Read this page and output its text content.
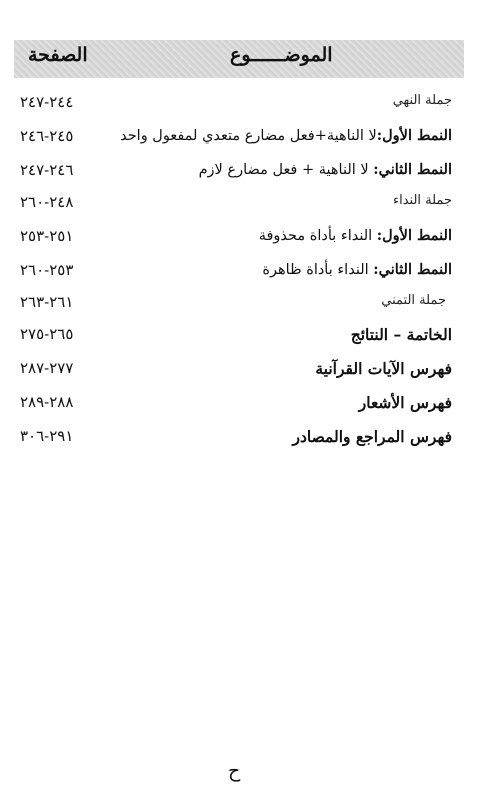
الصفحة	الموضــــــوع
٢٤٤-٢٤٧	جملة النهي
٢٤٥-٢٤٦	النمط الأول:لا الناهية+فعل مضارع متعدي لمفعول واحد
٢٤٦-٢٤٧	النمط الثاني: لا الناهية + فعل مضارع لازم
٢٤٨-٢٦٠	جملة النداء
٢٥١-٢٥٣	النمط الأول: النداء بأداة محذوفة
٢٥٣-٢٦٠	النمط الثاني: النداء بأداة ظاهرة
٢٦١-٢٦٣	جملة التمني
٢٦٥-٢٧٥	الخاتمة – النتائج
٢٧٧-٢٨٧	فهرس الآيات القرآنية
٢٨٨-٢٨٩	فهرس الأشعار
٢٩١-٣٠٦	فهرس المراجع والمصادر
ح
